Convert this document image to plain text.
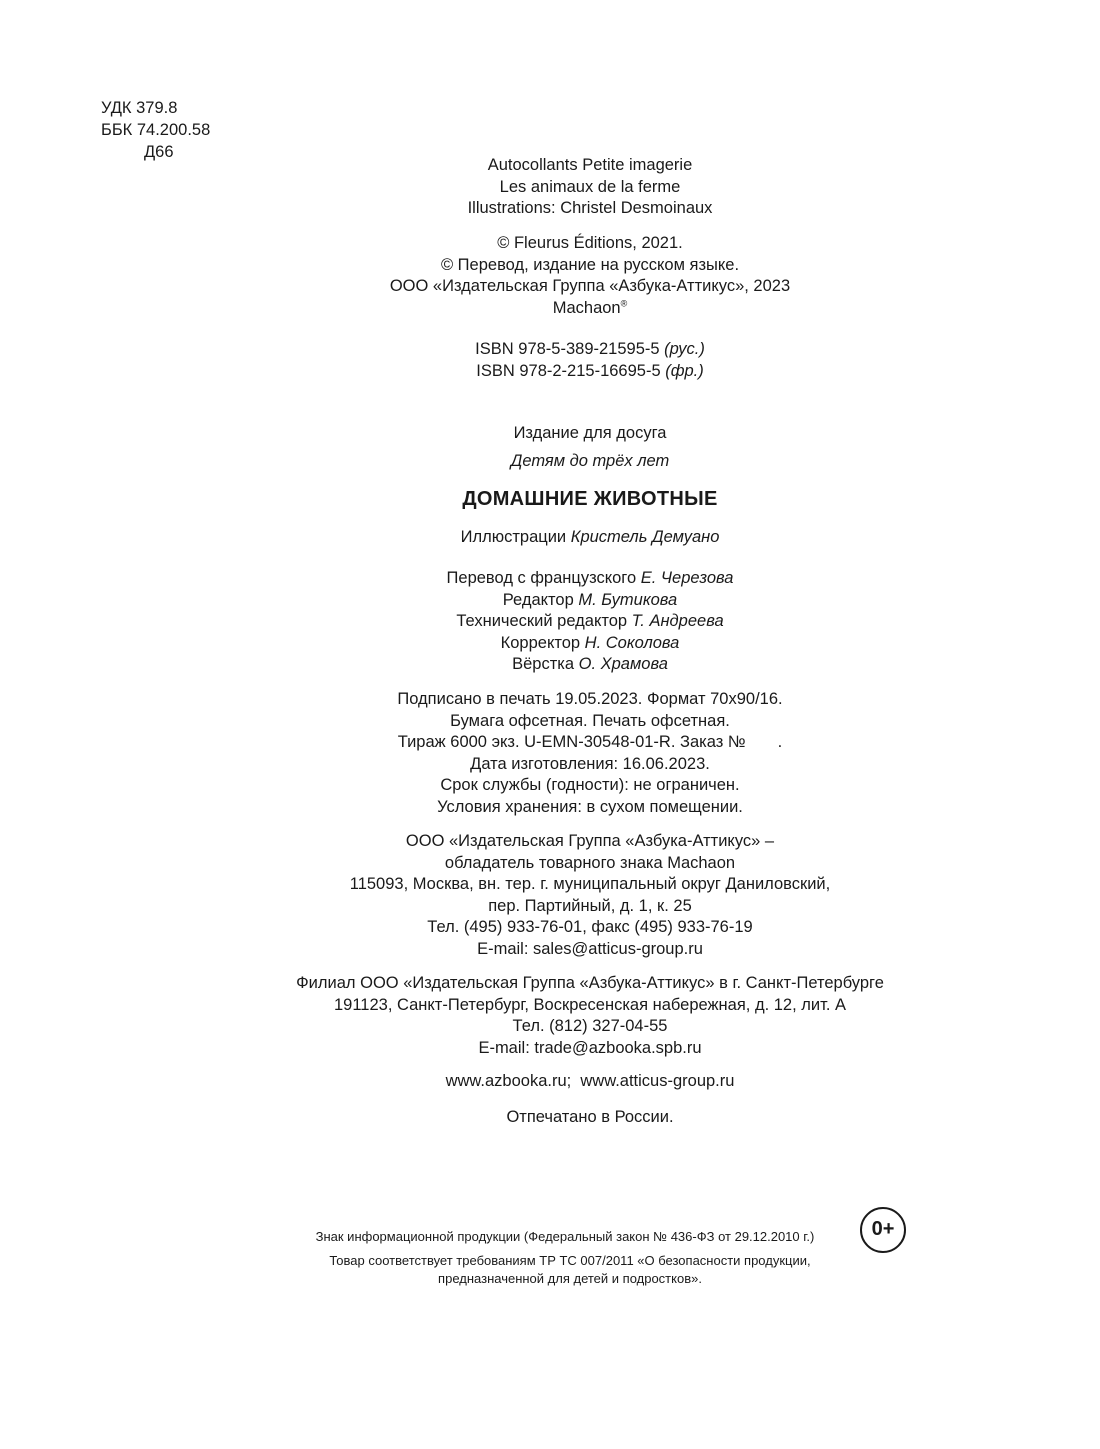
УДК 379.8
ББК 74.200.58
Д66
Autocollants Petite imagerie
Les animaux de la ferme
Illustrations: Christel Desmoinaux
© Fleurus Éditions, 2021.
© Перевод, издание на русском языке.
ООО «Издательская Группа «Азбука-Аттикус», 2023
Machaon®
ISBN 978-5-389-21595-5 (рус.)
ISBN 978-2-215-16695-5 (фр.)
Издание для досуга
Детям до трёх лет
ДОМАШНИЕ ЖИВОТНЫЕ
Иллюстрации Кристель Демуано
Перевод с французского Е. Черезова
Редактор М. Бутикова
Технический редактор Т. Андреева
Корректор Н. Соколова
Вёрстка О. Храмова
Подписано в печать 19.05.2023. Формат 70x90/16.
Бумага офсетная. Печать офсетная.
Тираж 6000 экз. U-EMN-30548-01-R. Заказ №       .
Дата изготовления: 16.06.2023.
Срок службы (годности): не ограничен.
Условия хранения: в сухом помещении.
ООО «Издательская Группа «Азбука-Аттикус» –
обладатель товарного знака Machaon
115093, Москва, вн. тер. г. муниципальный округ Даниловский,
пер. Партийный, д. 1, к. 25
Тел. (495) 933-76-01, факс (495) 933-76-19
E-mail: sales@atticus-group.ru
Филиал ООО «Издательская Группа «Азбука-Аттикус» в г. Санкт-Петербурге
191123, Санкт-Петербург, Воскресенская набережная, д. 12, лит. А
Тел. (812) 327-04-55
E-mail: trade@azbooka.spb.ru
www.azbooka.ru;  www.atticus-group.ru
Отпечатано в России.
Знак информационной продукции (Федеральный закон № 436-ФЗ от 29.12.2010 г.)
Товар соответствует требованиям ТР ТС 007/2011 «О безопасности продукции,
предназначенной для детей и подростков».
0+
